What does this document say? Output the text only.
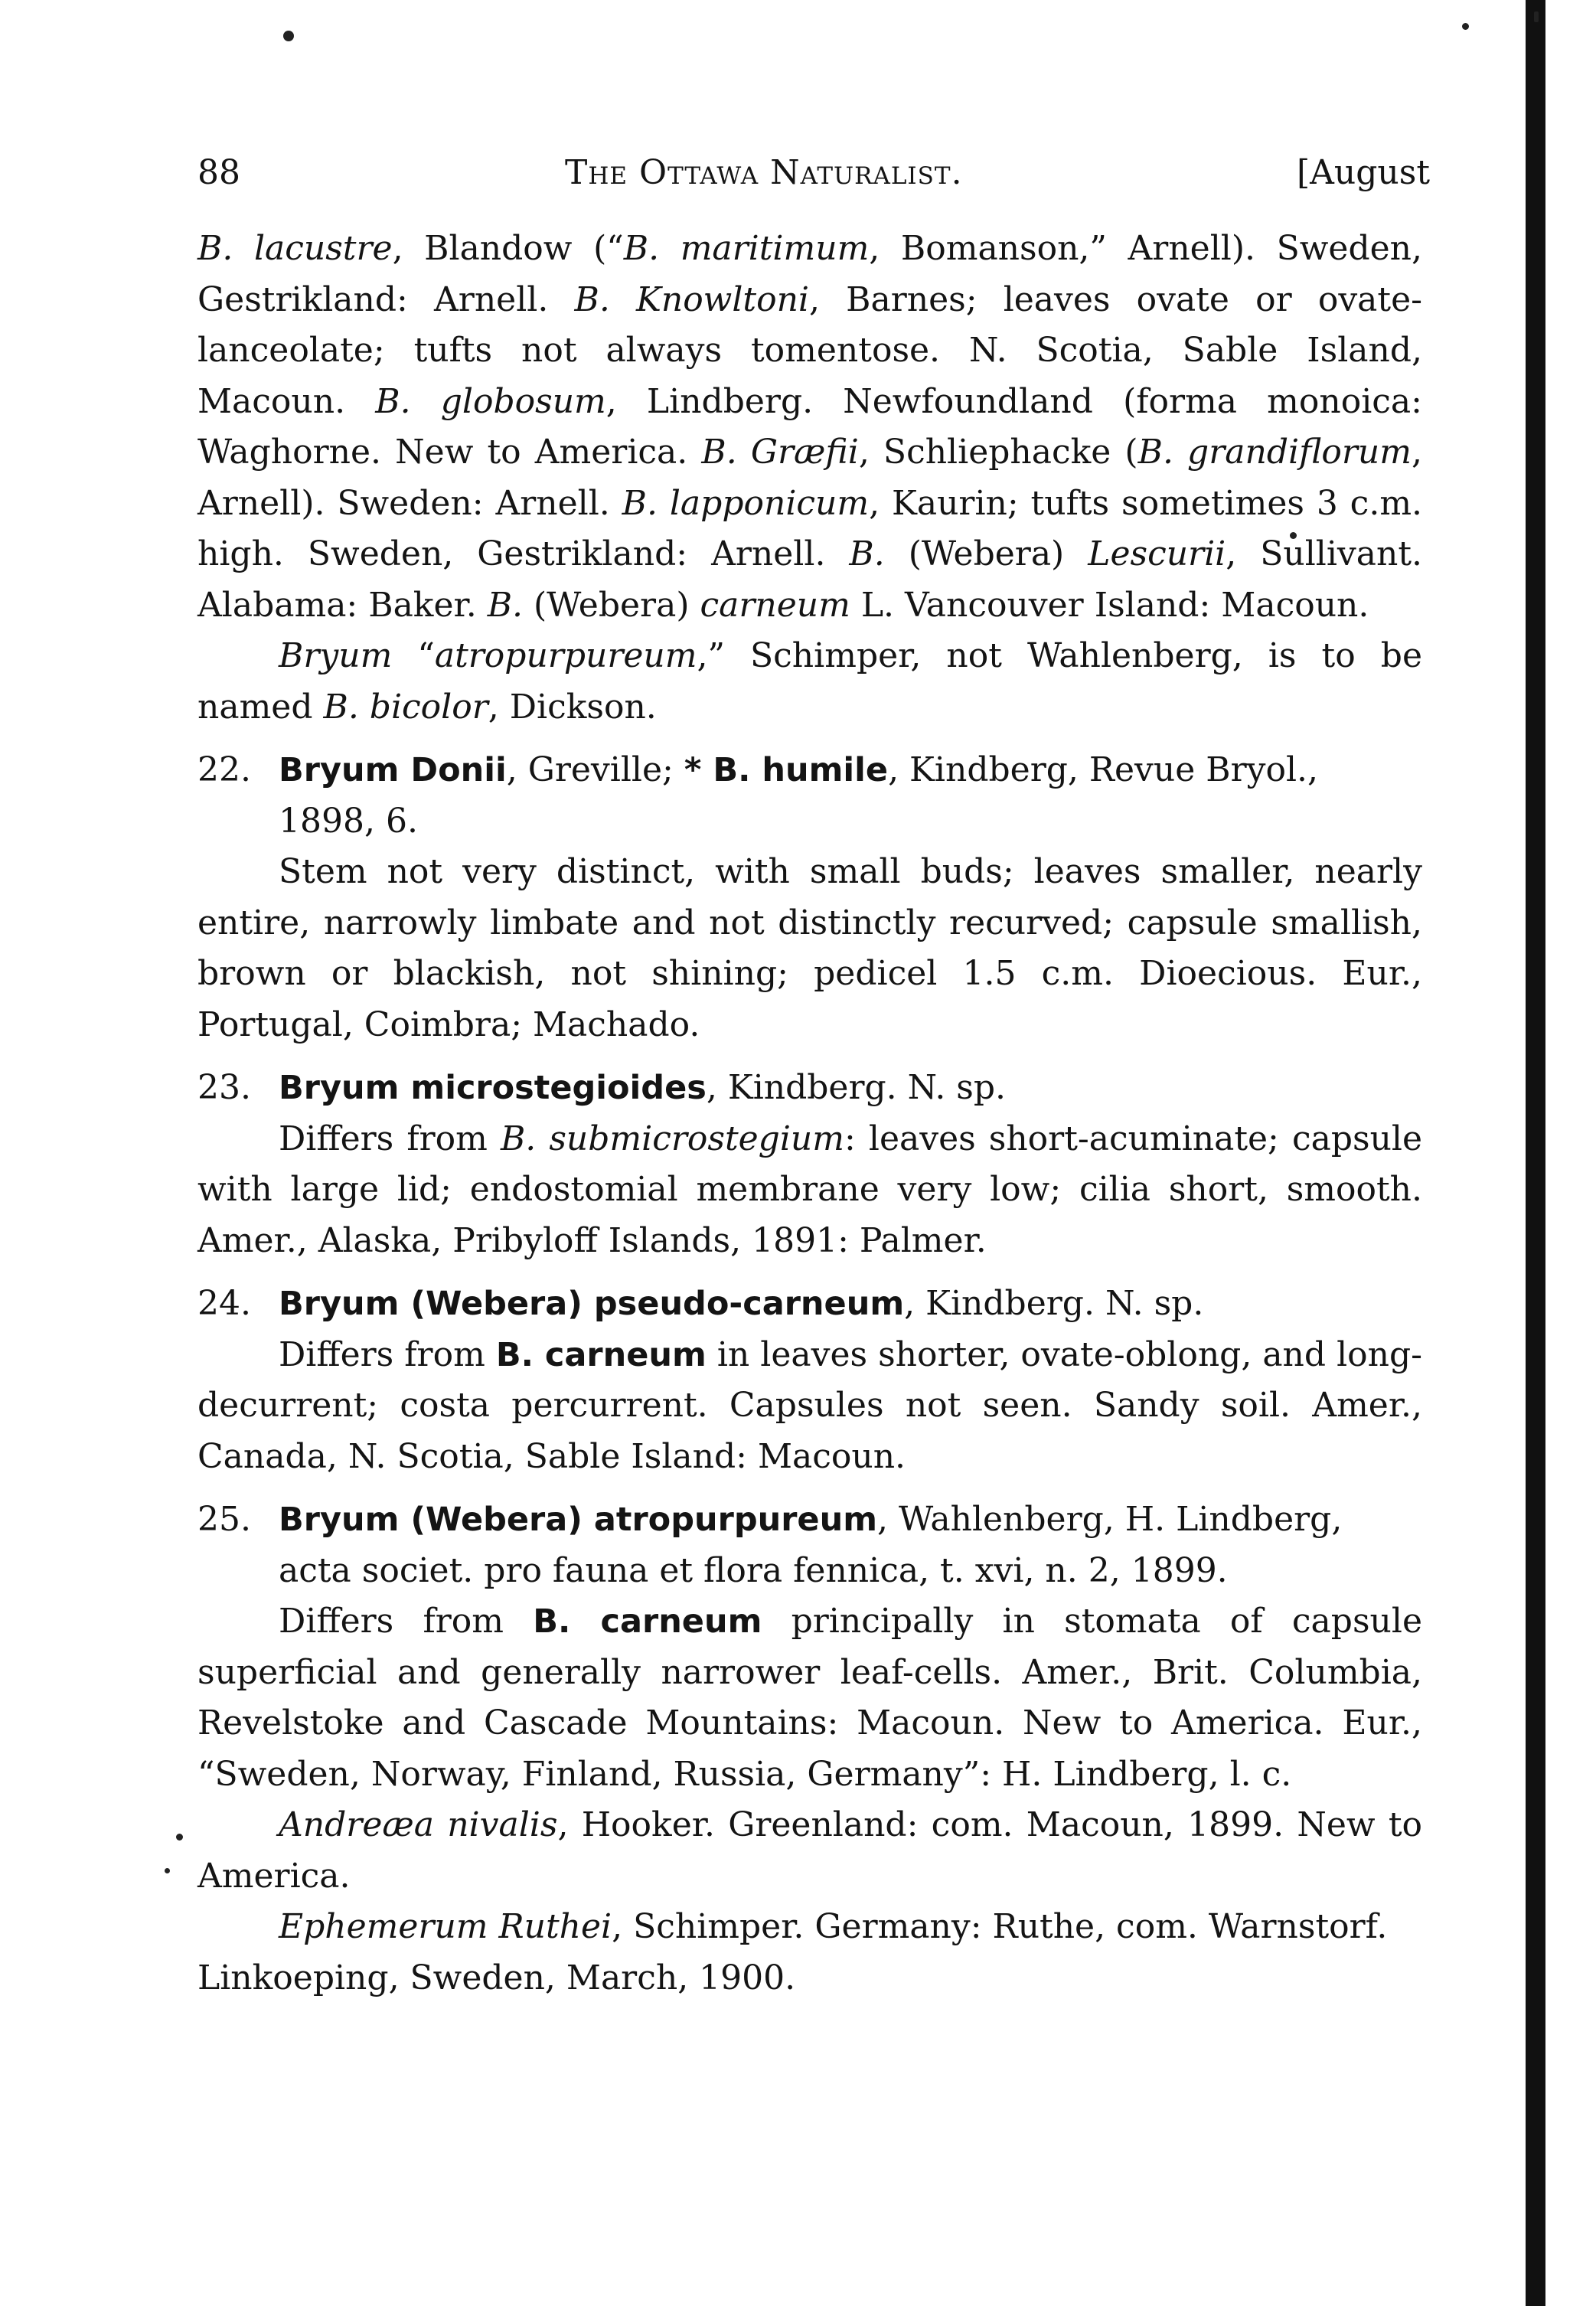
88	The Ottawa Naturalist.	[August

B. lacustre, Blandow (“B. maritimum, Bomanson,” Arnell). Sweden, Gestrikland: Arnell. B. Knowltoni, Barnes; leaves ovate or ovate-lanceolate; tufts not always tomentose. N. Scotia, Sable Island, Macoun. B. globosum, Lindberg. Newfoundland (forma monoica: Waghorne. New to America. B. Græfii, Schliephacke (B. grandiflorum, Arnell). Sweden: Arnell. B. lapponicum, Kaurin; tufts sometimes 3 c.m. high. Sweden, Gestrikland: Arnell. B. (Webera) Lescurii, Sullivant. Alabama: Baker. B. (Webera) carneum L. Vancouver Island: Macoun.

Bryum “atropurpureum,” Schimper, not Wahlenberg, is to be named B. bicolor, Dickson.

22. Bryum Donii, Greville; * B. humile, Kindberg, Revue Bryol., 1898, 6.

Stem not very distinct, with small buds; leaves smaller, nearly entire, narrowly limbate and not distinctly recurved; capsule smallish, brown or blackish, not shining; pedicel 1.5 c.m. Dioecious. Eur., Portugal, Coimbra; Machado.

23. Bryum microstegioides, Kindberg. N. sp.

Differs from B. submicrostegium: leaves short-acuminate; capsule with large lid; endostomial membrane very low; cilia short, smooth. Amer., Alaska, Pribyloff Islands, 1891: Palmer.

24. Bryum (Webera) pseudo-carneum, Kindberg. N. sp.

Differs from B. carneum in leaves shorter, ovate-oblong, and long-decurrent; costa percurrent. Capsules not seen. Sandy soil. Amer., Canada, N. Scotia, Sable Island: Macoun.

25. Bryum (Webera) atropurpureum, Wahlenberg, H. Lindberg, acta societ. pro fauna et flora fennica, t. xvi, n. 2, 1899.

Differs from B. carneum principally in stomata of capsule superficial and generally narrower leaf-cells. Amer., Brit. Columbia, Revelstoke and Cascade Mountains: Macoun. New to America. Eur., “Sweden, Norway, Finland, Russia, Germany”: H. Lindberg, l. c.

Andreæa nivalis, Hooker. Greenland: com. Macoun, 1899. New to America.

Ephemerum Ruthei, Schimper. Germany: Ruthe, com. Warnstorf.

Linkoeping, Sweden, March, 1900.
